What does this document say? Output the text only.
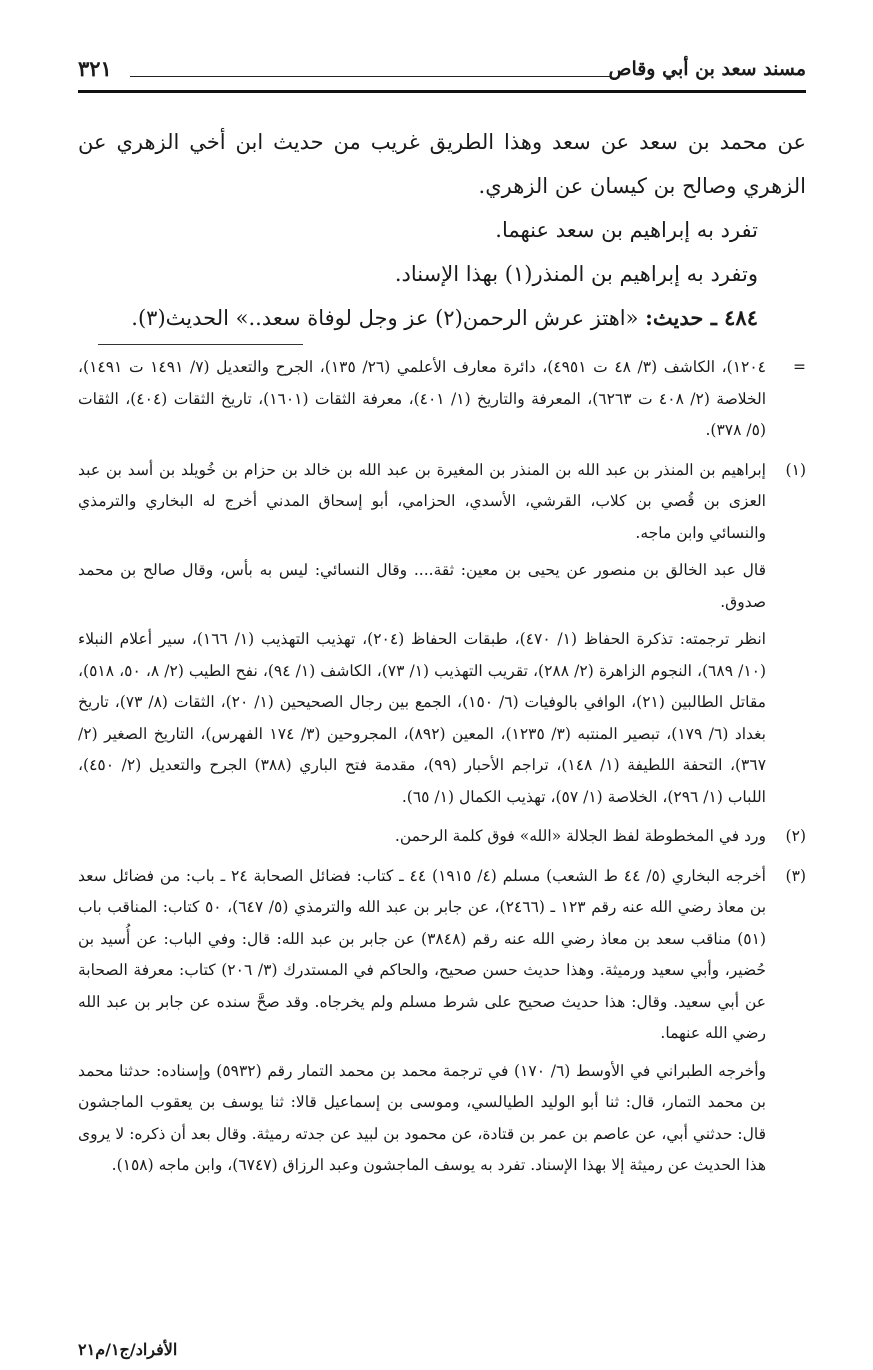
مسند سعد بن أبي وقاص
٣٢١

عن محمد بن سعد عن سعد وهذا الطريق غريب من حديث ابن أخي الزهري عن الزهري وصالح بن كيسان عن الزهري.

تفرد به إبراهيم بن سعد عنهما.

وتفرد به إبراهيم بن المنذر(١) بهذا الإسناد.

٤٨٤ ـ حديث: «اهتز عرش الرحمن(٢) عز وجل لوفاة سعد..» الحديث(٣).

=

١٢٠٤)، الكاشف (٣/ ٤٨ ت ٤٩٥١)، دائرة معارف الأعلمي (٢٦/ ١٣٥)، الجرح والتعديل (٧/ ١٤٩١ ت ١٤٩١)، الخلاصة (٢/ ٤٠٨ ت ٦٢٦٣)، المعرفة والتاريخ (١/ ٤٠١)، معرفة الثقات (١٦٠١)، تاريخ الثقات (٤٠٤)، الثقات (٥/ ٣٧٨).

(١)

إبراهيم بن المنذر بن عبد الله بن المنذر بن المغيرة بن عبد الله بن خالد بن حزام بن خُويلد بن أسد بن عبد العزى بن قُصي بن كلاب، القرشي، الأسدي، الحزامي، أبو إسحاق المدني أخرج له البخاري والترمذي والنسائي وابن ماجه.

قال عبد الخالق بن منصور عن يحيى بن معين: ثقة.... وقال النسائي: ليس به بأس، وقال صالح بن محمد صدوق.

انظر ترجمته: تذكرة الحفاظ (١/ ٤٧٠)، طبقات الحفاظ (٢٠٤)، تهذيب التهذيب (١/ ١٦٦)، سير أعلام النبلاء (١٠/ ٦٨٩)، النجوم الزاهرة (٢/ ٢٨٨)، تقريب التهذيب (١/ ٧٣)، الكاشف (١/ ٩٤)، نفح الطيب (٢/ ٨، ٥٠، ٥١٨)، مقاتل الطالبين (٢١)، الوافي بالوفيات (٦/ ١٥٠)، الجمع بين رجال الصحيحين (١/ ٢٠)، الثقات (٨/ ٧٣)، تاريخ بغداد (٦/ ١٧٩)، تبصير المنتبه (٣/ ١٢٣٥)، المعين (٨٩٢)، المجروحين (٣/ ١٧٤ الفهرس)، التاريخ الصغير (٢/ ٣٦٧)، التحفة اللطيفة (١/ ١٤٨)، تراجم الأحبار (٩٩)، مقدمة فتح الباري (٣٨٨) الجرح والتعديل (٢/ ٤٥٠)، اللباب (١/ ٢٩٦)، الخلاصة (١/ ٥٧)، تهذيب الكمال (١/ ٦٥).

(٢)

ورد في المخطوطة لفظ الجلالة «الله» فوق كلمة الرحمن.

(٣)

أخرجه البخاري (٥/ ٤٤ ط الشعب) مسلم (٤/ ١٩١٥) ٤٤ ـ كتاب: فضائل الصحابة ٢٤ ـ باب: من فضائل سعد بن معاذ رضي الله عنه رقم ١٢٣ ـ (٢٤٦٦)، عن جابر بن عبد الله والترمذي (٥/ ٦٤٧)، ٥٠ كتاب: المناقب باب (٥١) مناقب سعد بن معاذ رضي الله عنه رقم (٣٨٤٨) عن جابر بن عبد الله: قال: وفي الباب: عن أُسيد بن حُضير، وأبي سعيد ورميثة. وهذا حديث حسن صحيح، والحاكم في المستدرك (٣/ ٢٠٦) كتاب: معرفة الصحابة عن أبي سعيد. وقال: هذا حديث صحيح على شرط مسلم ولم يخرجاه. وقد صحَّ سنده عن جابر بن عبد الله رضي الله عنهما.

وأخرجه الطبراني في الأوسط (٦/ ١٧٠) في ترجمة محمد بن محمد التمار رقم (٥٩٣٢) وإسناده: حدثنا محمد بن محمد التمار، قال: ثنا أبو الوليد الطيالسي، وموسى بن إسماعيل قالا: ثنا يوسف بن يعقوب الماجشون قال: حدثني أبي، عن عاصم بن عمر بن قتادة، عن محمود بن لبيد عن جدته رميثة. وقال بعد أن ذكره: لا يروى هذا الحديث عن رميثة إلا بهذا الإسناد. تفرد به يوسف الماجشون وعبد الرزاق (٦٧٤٧)، وابن ماجه (١٥٨).

الأفراد/ج١/م٢١
